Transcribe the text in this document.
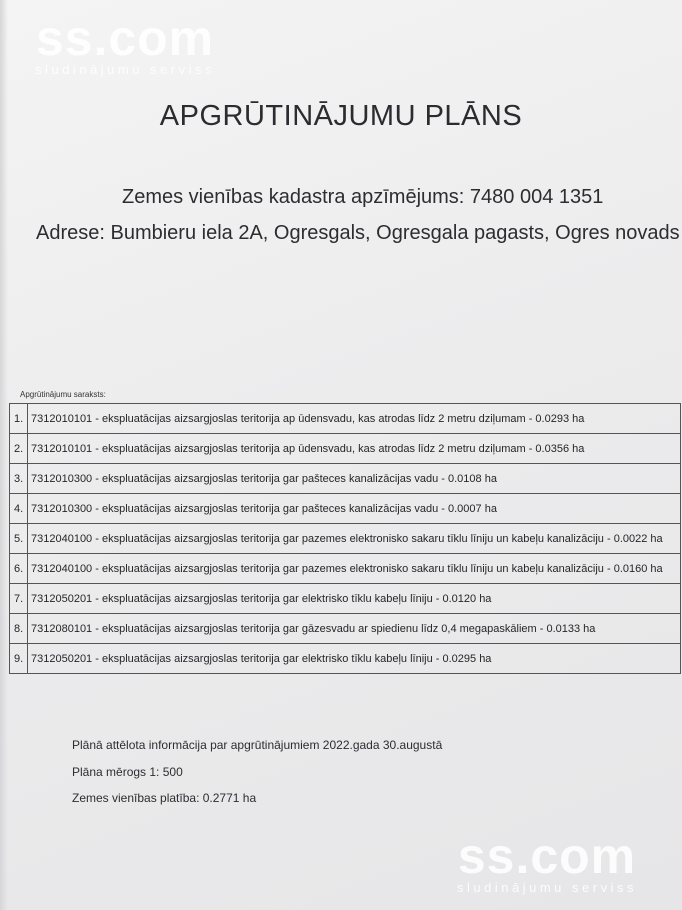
ss.com
sludinājumu serviss
APGRŪTINĀJUMU PLĀNS
Zemes vienības kadastra apzīmējums: 7480 004 1351
Adrese: Bumbieru iela 2A, Ogresgals, Ogresgala pagasts, Ogres novads
Apgrūtinājumu saraksts:
1.	7312010101 - ekspluatācijas aizsargjoslas teritorija ap ūdensvadu, kas atrodas līdz 2 metru dziļumam - 0.0293 ha
2.	7312010101 - ekspluatācijas aizsargjoslas teritorija ap ūdensvadu, kas atrodas līdz 2 metru dziļumam - 0.0356 ha
3.	7312010300 - ekspluatācijas aizsargjoslas teritorija gar pašteces kanalizācijas vadu - 0.0108 ha
4.	7312010300 - ekspluatācijas aizsargjoslas teritorija gar pašteces kanalizācijas vadu - 0.0007 ha
5.	7312040100 - ekspluatācijas aizsargjoslas teritorija gar pazemes elektronisko sakaru tīklu līniju un kabeļu kanalizāciju - 0.0022 ha
6.	7312040100 - ekspluatācijas aizsargjoslas teritorija gar pazemes elektronisko sakaru tīklu līniju un kabeļu kanalizāciju - 0.0160 ha
7.	7312050201 - ekspluatācijas aizsargjoslas teritorija gar elektrisko tīklu kabeļu līniju - 0.0120 ha
8.	7312080101 - ekspluatācijas aizsargjoslas teritorija gar gāzesvadu ar spiedienu līdz 0,4 megapaskāliem - 0.0133 ha
9.	7312050201 - ekspluatācijas aizsargjoslas teritorija gar elektrisko tīklu kabeļu līniju - 0.0295 ha
Plānā attēlota informācija par apgrūtinājumiem 2022.gada 30.augustā
Plāna mērogs 1: 500
Zemes vienības platība: 0.2771 ha
ss.com
sludinājumu serviss
